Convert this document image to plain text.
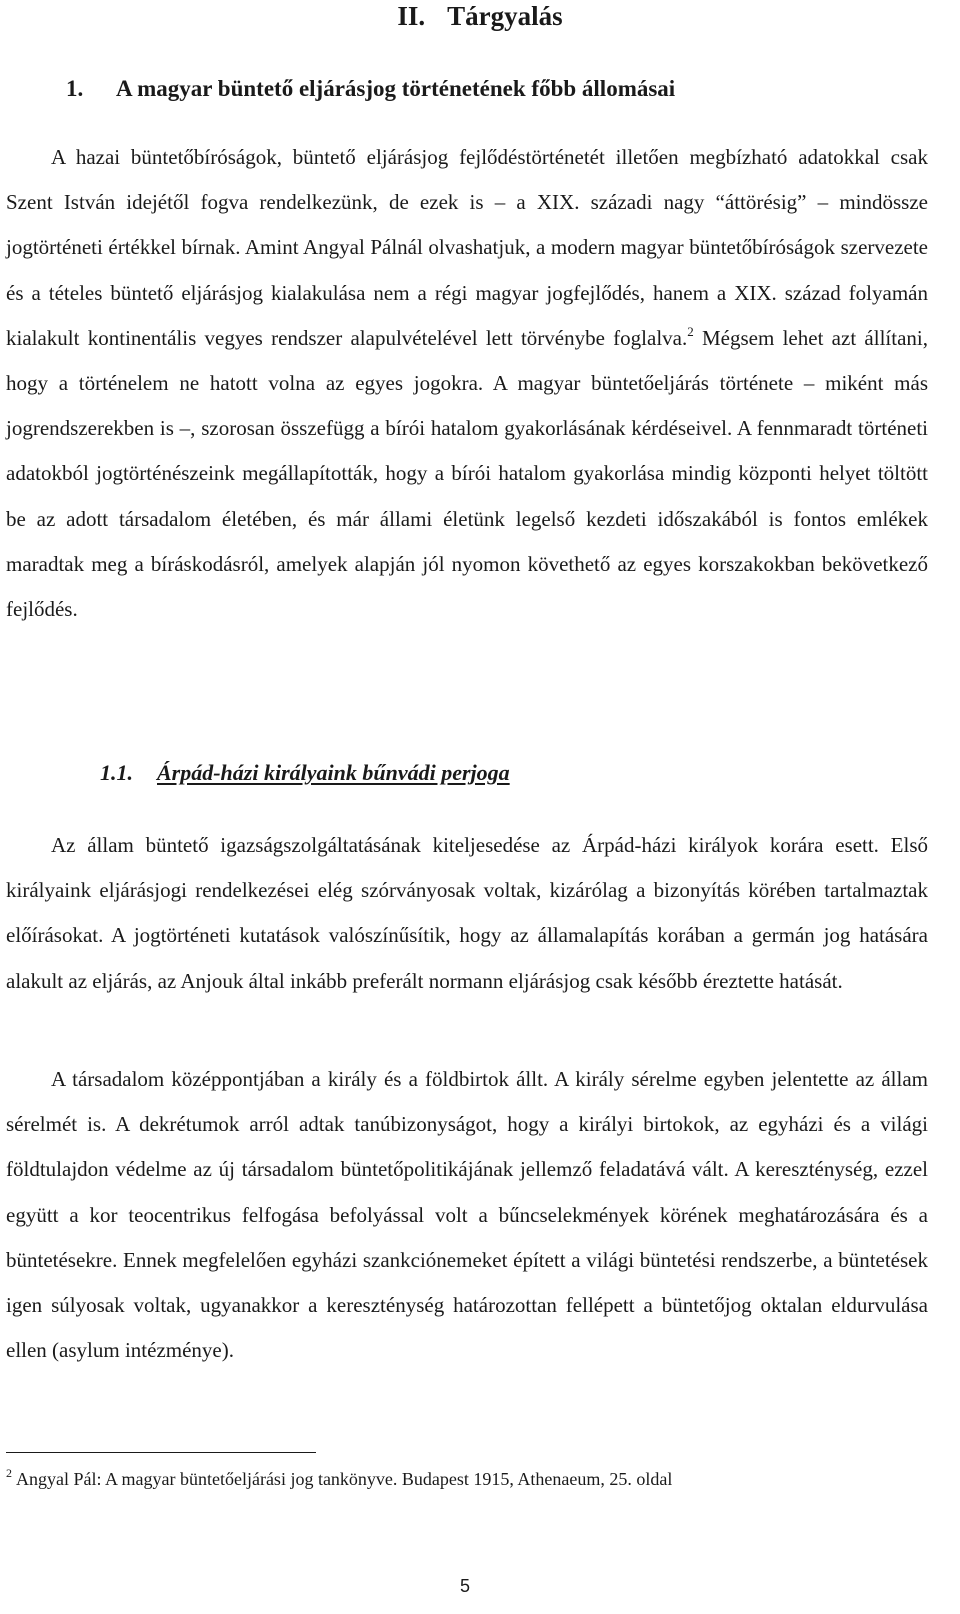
II. Tárgyalás
1. A magyar büntető eljárásjog történetének főbb állomásai

A hazai büntetőbíróságok, büntető eljárásjog fejlődéstörténetét illetően megbízható adatokkal csak Szent István idejétől fogva rendelkezünk, de ezek is – a XIX. századi nagy “áttörésig” – mindössze jogtörténeti értékkel bírnak. Amint Angyal Pálnál olvashatjuk, a modern magyar büntetőbíróságok szervezete és a tételes büntető eljárásjog kialakulása nem a régi magyar jogfejlődés, hanem a XIX. század folyamán kialakult kontinentális vegyes rendszer alapulvételével lett törvénybe foglalva.$^2$ Mégsem lehet azt állítani, hogy a történelem ne hatott volna az egyes jogokra. A magyar büntetőeljárás története – miként más jogrendszerekben is –, szorosan összefügg a bírói hatalom gyakorlásának kérdéseivel. A fennmaradt történeti adatokból jogtörténészeink megállapították, hogy a bírói hatalom gyakorlása mindig központi helyet töltött be az adott társadalom életében, és már állami életünk legelső kezdeti időszakából is fontos emlékek maradtak meg a bíráskodásról, amelyek alapján jól nyomon követhető az egyes korszakokban bekövetkező fejlődés.

1.1. Árpád-házi királyaink bűnvádi perjoga

Az állam büntető igazságszolgáltatásának kiteljesedése az Árpád-házi királyok korára esett. Első királyaink eljárásjogi rendelkezései elég szórványosak voltak, kizárólag a bizonyítás körében tartalmaztak előírásokat. A jogtörténeti kutatások valószínűsítik, hogy az államalapítás korában a germán jog hatására alakult az eljárás, az Anjouk által inkább preferált normann eljárásjog csak később éreztette hatását.

A társadalom középpontjában a király és a földbirtok állt. A király sérelme egyben jelentette az állam sérelmét is. A dekrétumok arról adtak tanúbizonyságot, hogy a királyi birtokok, az egyházi és a világi földtulajdon védelme az új társadalom büntetőpolitikájának jellemző feladatává vált. A kereszténység, ezzel együtt a kor teocentrikus felfogása befolyással volt a bűncselekmények körének meghatározására és a büntetésekre. Ennek megfelelően egyházi szankciónemeket épített a világi büntetési rendszerbe, a büntetések igen súlyosak voltak, ugyanakkor a kereszténység határozottan fellépett a büntetőjog oktalan eldurvulása ellen (asylum intézménye).

$^2$ Angyal Pál: A magyar büntetőeljárási jog tankönyve. Budapest 1915, Athenaeum, 25. oldal
5
